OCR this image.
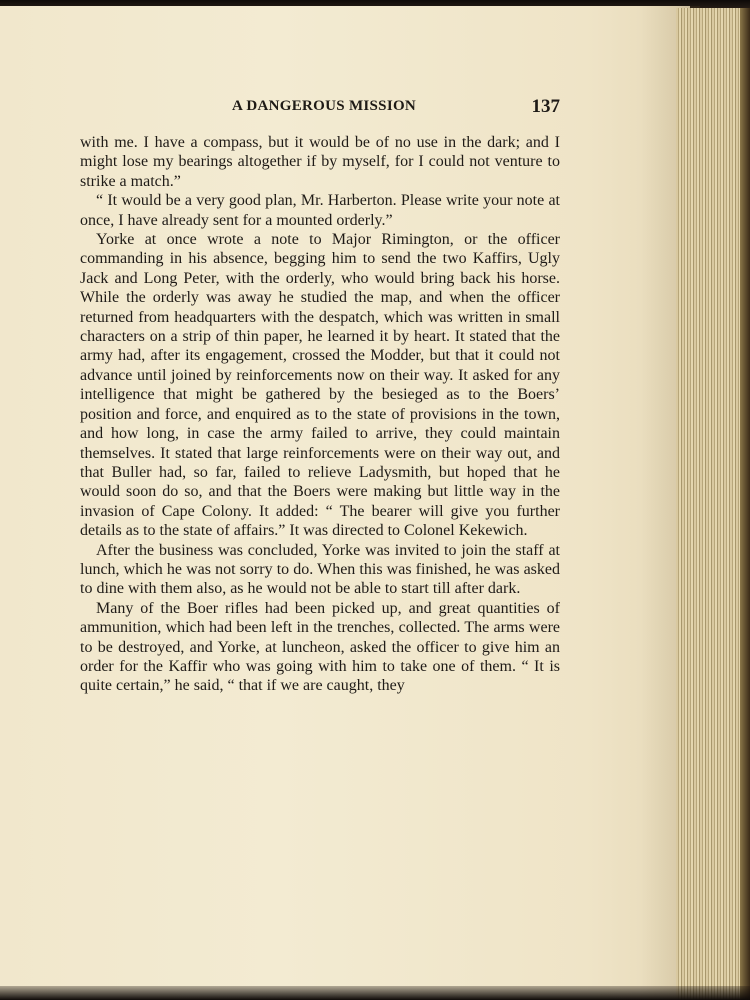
A DANGEROUS MISSION	137

with me. I have a compass, but it would be of no use in the dark; and I might lose my bearings altogether if by myself, for I could not venture to strike a match.”

“ It would be a very good plan, Mr. Harberton. Please write your note at once, I have already sent for a mounted orderly.”

Yorke at once wrote a note to Major Rimington, or the officer commanding in his absence, begging him to send the two Kaffirs, Ugly Jack and Long Peter, with the orderly, who would bring back his horse. While the orderly was away he studied the map, and when the officer returned from headquarters with the despatch, which was written in small characters on a strip of thin paper, he learned it by heart. It stated that the army had, after its engagement, crossed the Modder, but that it could not advance until joined by reinforcements now on their way. It asked for any intelligence that might be gathered by the besieged as to the Boers’ position and force, and enquired as to the state of provisions in the town, and how long, in case the army failed to arrive, they could maintain themselves. It stated that large reinforcements were on their way out, and that Buller had, so far, failed to relieve Ladysmith, but hoped that he would soon do so, and that the Boers were making but little way in the invasion of Cape Colony. It added: “ The bearer will give you further details as to the state of affairs.” It was directed to Colonel Kekewich.

After the business was concluded, Yorke was invited to join the staff at lunch, which he was not sorry to do. When this was finished, he was asked to dine with them also, as he would not be able to start till after dark.

Many of the Boer rifles had been picked up, and great quantities of ammunition, which had been left in the trenches, collected. The arms were to be destroyed, and Yorke, at luncheon, asked the officer to give him an order for the Kaffir who was going with him to take one of them. “ It is quite certain,” he said, “ that if we are caught, they
